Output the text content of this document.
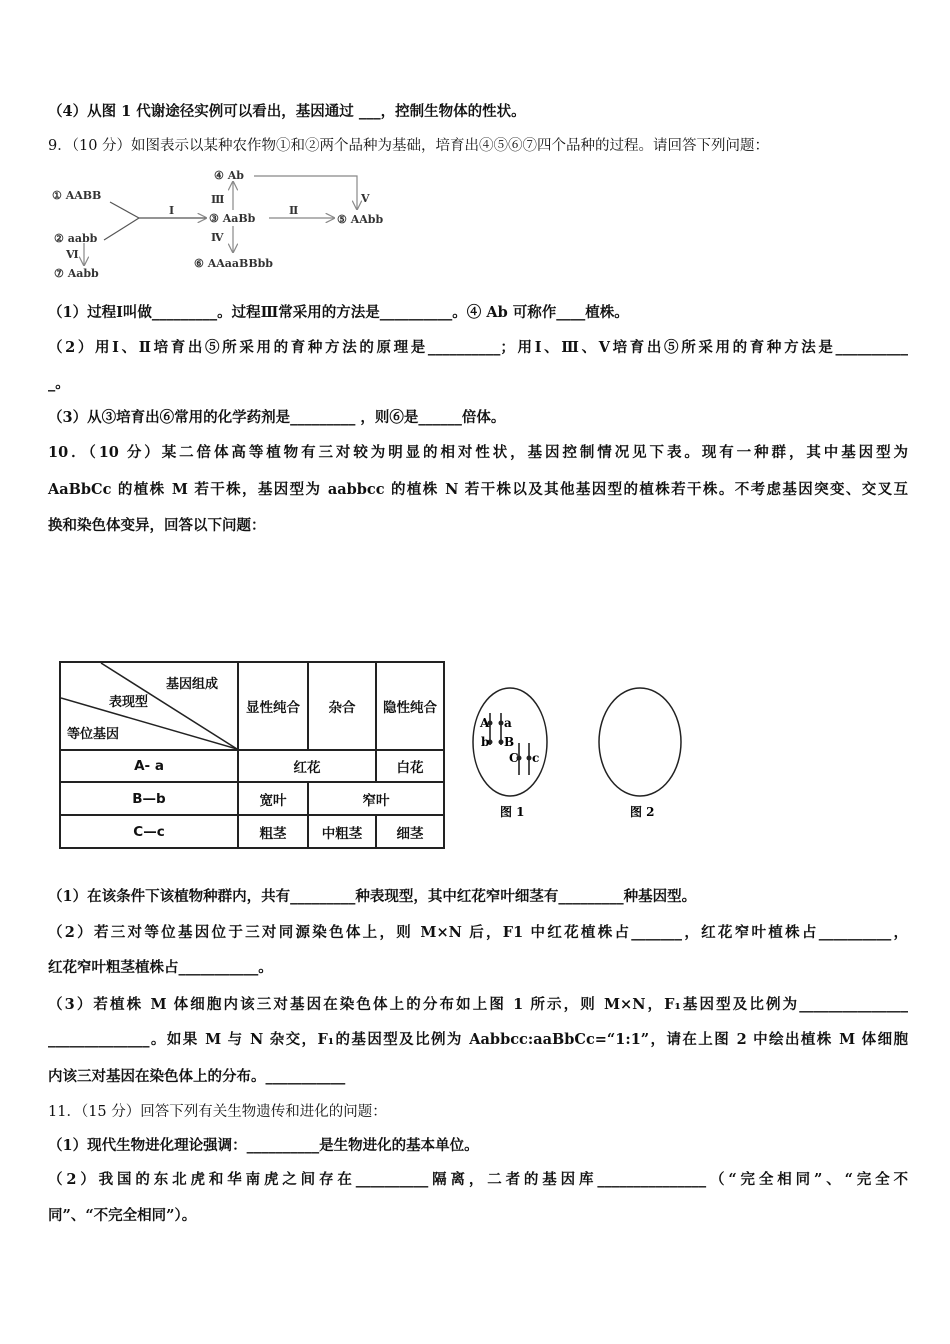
（4）从图 1 代谢途径实例可以看出，基因通过 ___，控制生物体的性状。
9．（10 分）如图表示以某种农作物①和②两个品种为基础，培育出④⑤⑥⑦四个品种的过程。请回答下列问题：
① AABB
② aabb
③ AaBb
④ Ab
⑤ AAbb
⑥ AAaaBBbb
⑦ Aabb
Ⅰ	Ⅱ
Ⅲ
Ⅳ
Ⅴ
Ⅵ
（1）过程Ⅰ叫做_________。过程Ⅲ常采用的方法是__________。④ Ab 可称作____植株。
（2）用Ⅰ、Ⅱ培育出⑤所采用的育种方法的原理是__________；用Ⅰ、Ⅲ、Ⅴ培育出⑤所采用的育种方法是__________
_。
（3）从③培育出⑥常用的化学药剂是_________ ，则⑥是______倍体。
10．（10 分）某二倍体高等植物有三对较为明显的相对性状，基因控制情况见下表。现有一种群，其中基因型为
AaBbCc 的植株 M 若干株，基因型为 aabbcc 的植株 N 若干株以及其他基因型的植株若干株。不考虑基因突变、交叉互
换和染色体变异，回答以下问题：
基因组成
表现型
等位基因	显性纯合	杂合	隐性纯合
A- a	红花		白花
B—b	宽叶	窄叶	
C—c	粗茎	中粗茎	细茎
A a
b B
C c
图 1	图 2
（1）在该条件下该植物种群内，共有_________种表现型，其中红花窄叶细茎有_________种基因型。
（2）若三对等位基因位于三对同源染色体上，则 M×N 后，F1 中红花植株占_______，红花窄叶植株占__________，
红花窄叶粗茎植株占___________。
（3）若植株 M 体细胞内该三对基因在染色体上的分布如上图 1 所示，则 M×N，F₁基因型及比例为_______________
______________。如果 M 与 N 杂交，F₁的基因型及比例为 Aabbcc:aaBbCc=“1:1”，请在上图 2 中绘出植株 M 体细胞
内该三对基因在染色体上的分布。___________
11．（15 分）回答下列有关生物遗传和进化的问题：
（1）现代生物进化理论强调：__________是生物进化的基本单位。
（2）我国的东北虎和华南虎之间存在__________隔离，二者的基因库_______________（“完全相同”、“完全不
同”、“不完全相同”）。
